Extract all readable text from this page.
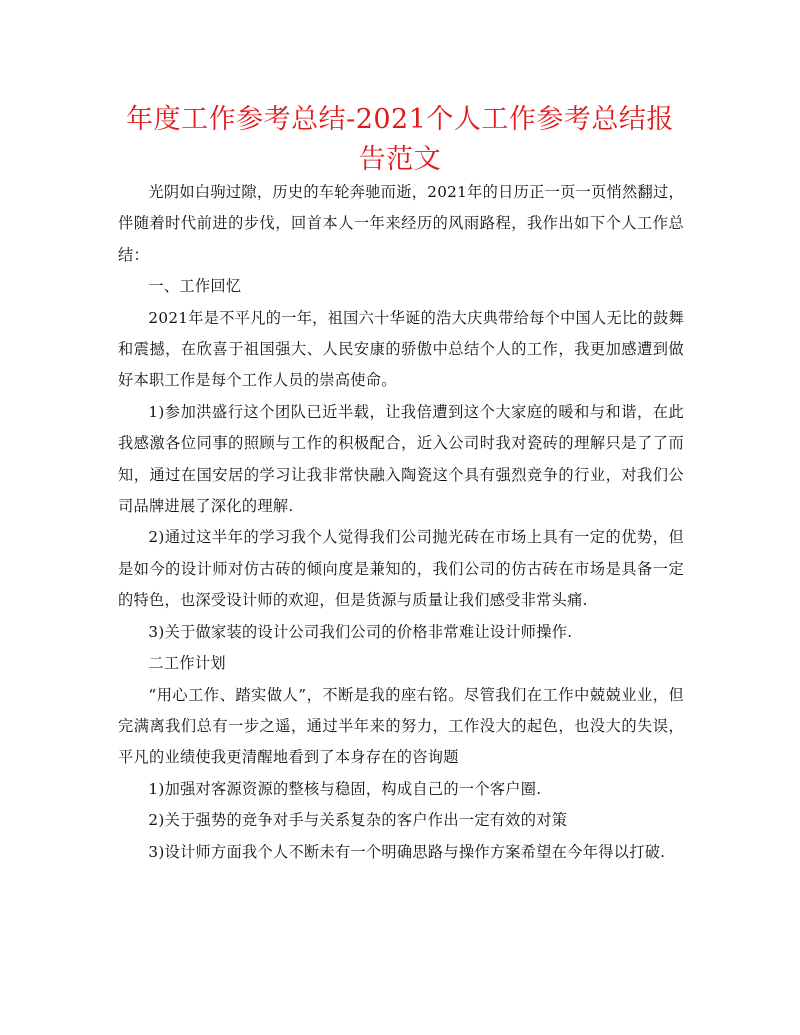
年度工作参考总结-2021个人工作参考总结报告范文

光阴如白驹过隙，历史的车轮奔驰而逝，2021年的日历正一页一页悄然翻过，伴随着时代前进的步伐，回首本人一年来经历的风雨路程，我作出如下个人工作总结：

一、工作回忆

2021年是不平凡的一年，祖国六十华诞的浩大庆典带给每个中国人无比的鼓舞和震撼，在欣喜于祖国强大、人民安康的骄傲中总结个人的工作，我更加感遭到做好本职工作是每个工作人员的崇高使命。

1)参加洪盛行这个团队已近半载，让我倍遭到这个大家庭的暖和与和谐，在此我感激各位同事的照顾与工作的积极配合，近入公司时我对瓷砖的理解只是了了而知，通过在国安居的学习让我非常快融入陶瓷这个具有强烈竞争的行业，对我们公司品牌进展了深化的理解.

2)通过这半年的学习我个人觉得我们公司抛光砖在市场上具有一定的优势，但是如今的设计师对仿古砖的倾向度是兼知的，我们公司的仿古砖在市场是具备一定的特色，也深受设计师的欢迎，但是货源与质量让我们感受非常头痛.

3)关于做家装的设计公司我们公司的价格非常难让设计师操作.

二工作计划

“用心工作、踏实做人”，不断是我的座右铭。尽管我们在工作中兢兢业业，但完满离我们总有一步之遥，通过半年来的努力，工作没大的起色，也没大的失误，平凡的业绩使我更清醒地看到了本身存在的咨询题

1)加强对客源资源的整核与稳固，构成自己的一个客户圈.

2)关于强势的竞争对手与关系复杂的客户作出一定有效的对策

3)设计师方面我个人不断未有一个明确思路与操作方案希望在今年得以打破.
